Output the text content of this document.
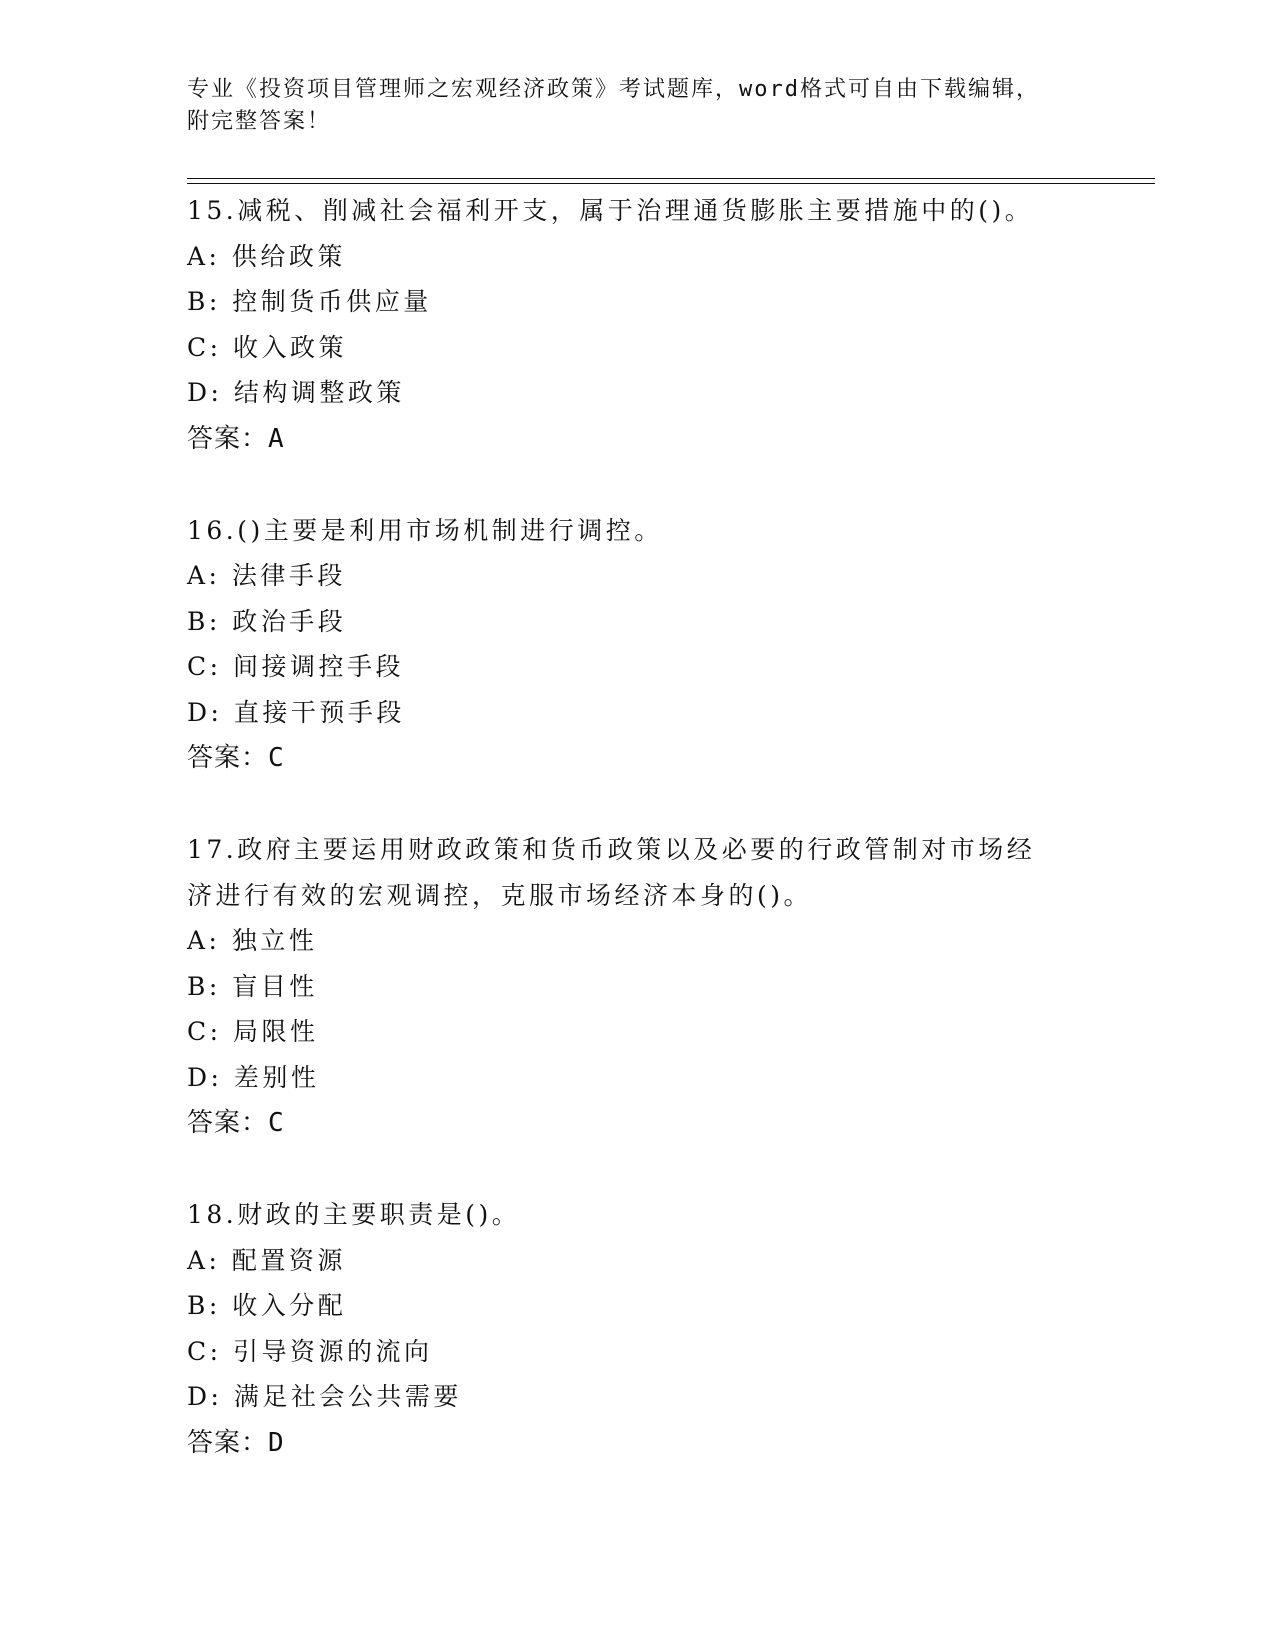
专业《投资项目管理师之宏观经济政策》考试题库，word格式可自由下载编辑，
附完整答案！
15.减税、削减社会福利开支，属于治理通货膨胀主要措施中的()。
A: 供给政策
B: 控制货币供应量
C: 收入政策
D: 结构调整政策
答案：A
16.()主要是利用市场机制进行调控。
A: 法律手段
B: 政治手段
C: 间接调控手段
D: 直接干预手段
答案：C
17.政府主要运用财政政策和货币政策以及必要的行政管制对市场经济进行有效的宏观调控，克服市场经济本身的()。
A: 独立性
B: 盲目性
C: 局限性
D: 差别性
答案：C
18.财政的主要职责是()。
A: 配置资源
B: 收入分配
C: 引导资源的流向
D: 满足社会公共需要
答案：D
